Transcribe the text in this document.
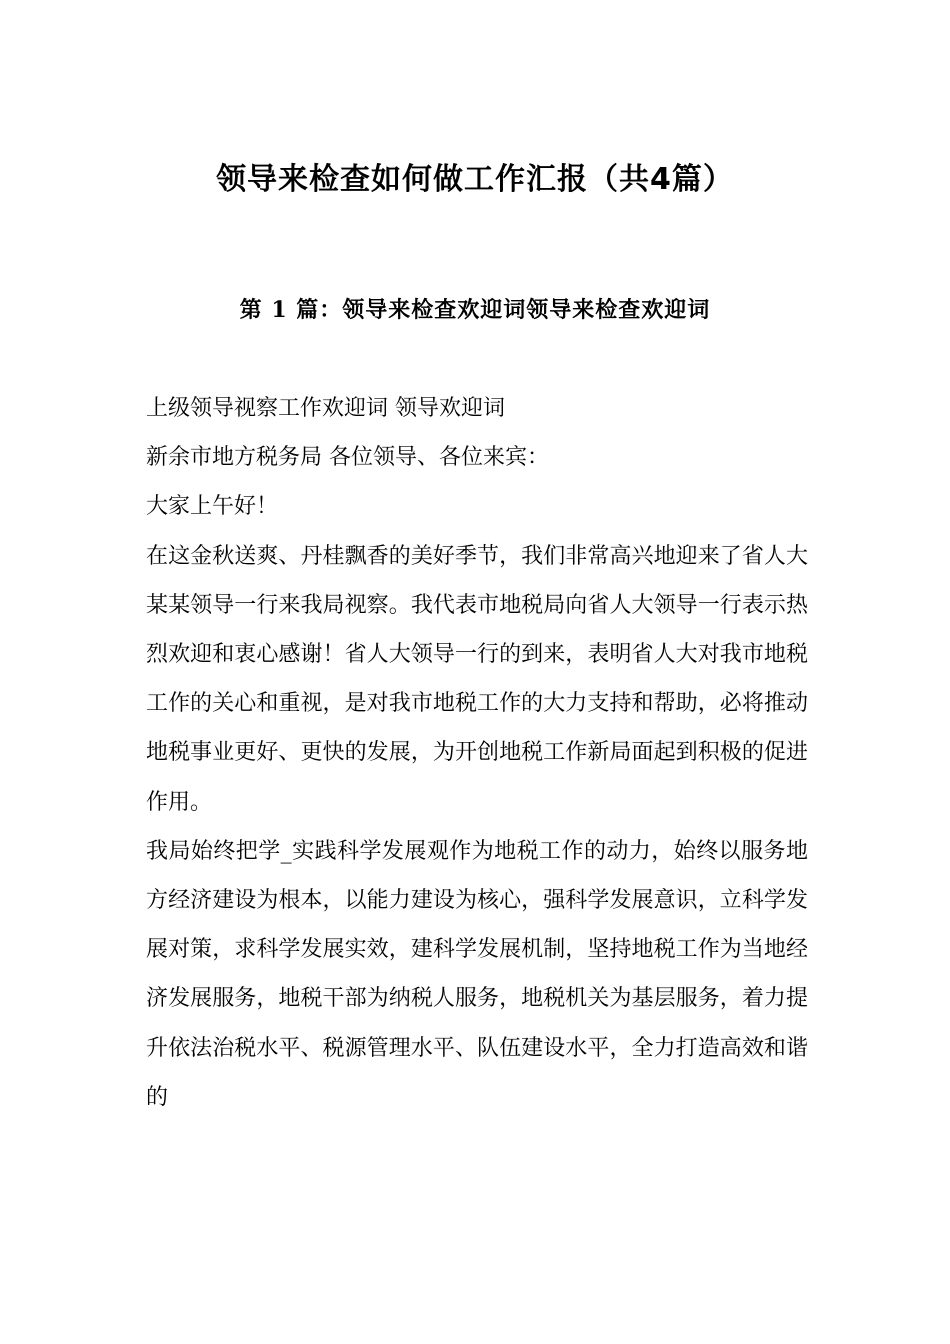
领导来检查如何做工作汇报（共4篇）
第 1 篇：领导来检查欢迎词领导来检查欢迎词

上级领导视察工作欢迎词 领导欢迎词

新余市地方税务局 各位领导、各位来宾：

大家上午好！

在这金秋送爽、丹桂飘香的美好季节，我们非常高兴地迎来了省人大某某领导一行来我局视察。我代表市地税局向省人大领导一行表示热烈欢迎和衷心感谢！省人大领导一行的到来，表明省人大对我市地税工作的关心和重视，是对我市地税工作的大力支持和帮助，必将推动地税事业更好、更快的发展，为开创地税工作新局面起到积极的促进作用。

我局始终把学_实践科学发展观作为地税工作的动力，始终以服务地方经济建设为根本，以能力建设为核心，强科学发展意识，立科学发展对策，求科学发展实效，建科学发展机制，坚持地税工作为当地经济发展服务，地税干部为纳税人服务，地税机关为基层服务，着力提升依法治税水平、税源管理水平、队伍建设水平，全力打造高效和谐的
